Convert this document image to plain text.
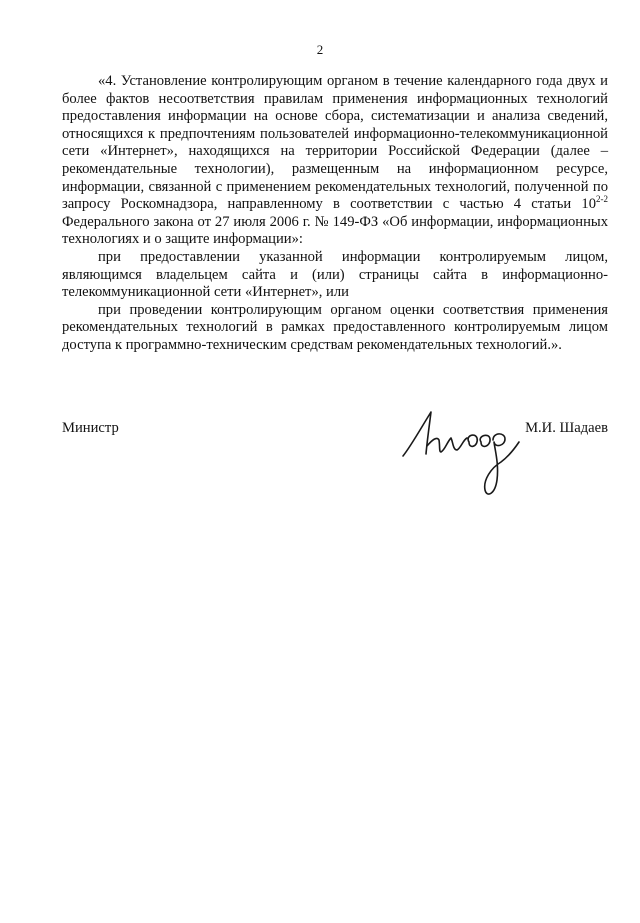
2

«4. Установление контролирующим органом в течение календарного года двух и более фактов несоответствия правилам применения информационных технологий предоставления информации на основе сбора, систематизации и анализа сведений, относящихся к предпочтениям пользователей информационно-телекоммуникационной сети «Интернет», находящихся на территории Российской Федерации (далее – рекомендательные технологии), размещенным на информационном ресурсе, информации, связанной с применением рекомендательных технологий, полученной по запросу Роскомнадзора, направленному в соответствии с частью 4 статьи 10$^{2-2}$ Федерального закона от 27 июля 2006 г. № 149-ФЗ «Об информации, информационных технологиях и о защите информации»:

при предоставлении указанной информации контролируемым лицом, являющимся владельцем сайта и (или) страницы сайта в информационно-телекоммуникационной сети «Интернет», или

при проведении контролирующим органом оценки соответствия применения рекомендательных технологий в рамках предоставленного контролируемым лицом доступа к программно-техническим средствам рекомендательных технологий.».

Министр	М.И. Шадаев
